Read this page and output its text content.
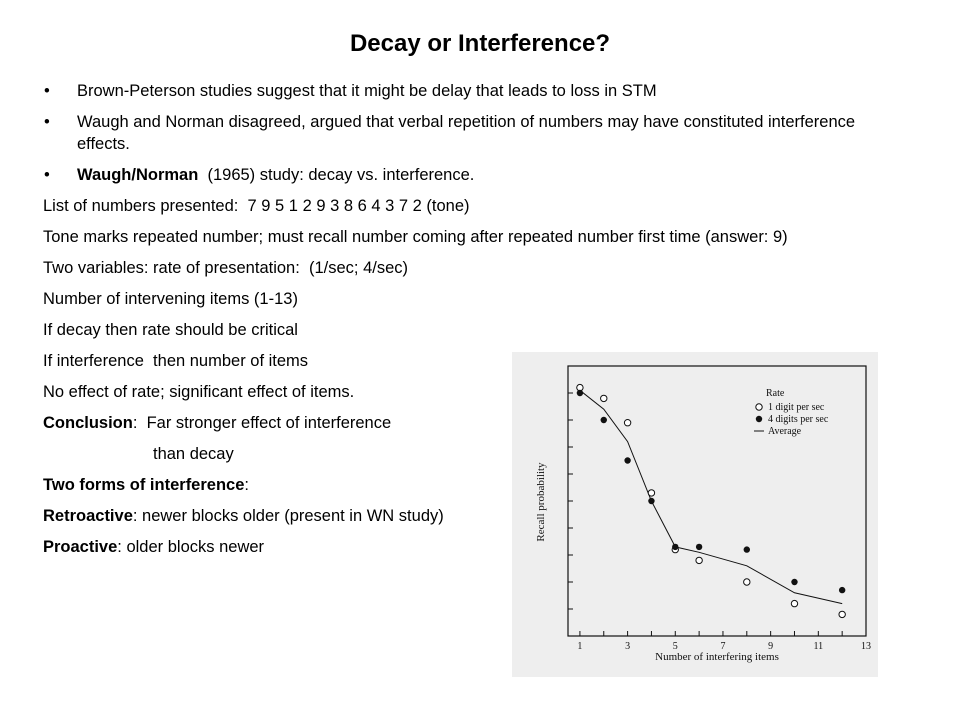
Decay or Interference?
• Brown-Peterson studies suggest that it might be delay that leads to loss in STM
• Waugh and Norman disagreed, argued that verbal repetition of numbers may have constituted interference effects.
• Waugh/Norman  (1965) study: decay vs. interference.
List of numbers presented:  7 9 5 1 2 9 3 8 6 4 3 7 2 (tone)
Tone marks repeated number; must recall number coming after repeated number first time (answer: 9)
Two variables: rate of presentation:  (1/sec; 4/sec)
Number of intervening items (1-13)
If decay then rate should be critical
If interference  then number of items
No effect of rate; significant effect of items.
Conclusion:  Far stronger effect of interference
than decay
Two forms of interference:
Retroactive: newer blocks older (present in WN study)
Proactive: older blocks newer
1	3	5	7	9	11	13
Number of interfering items
Recall probability
Rate
1 digit per sec
4 digits per sec
Average
